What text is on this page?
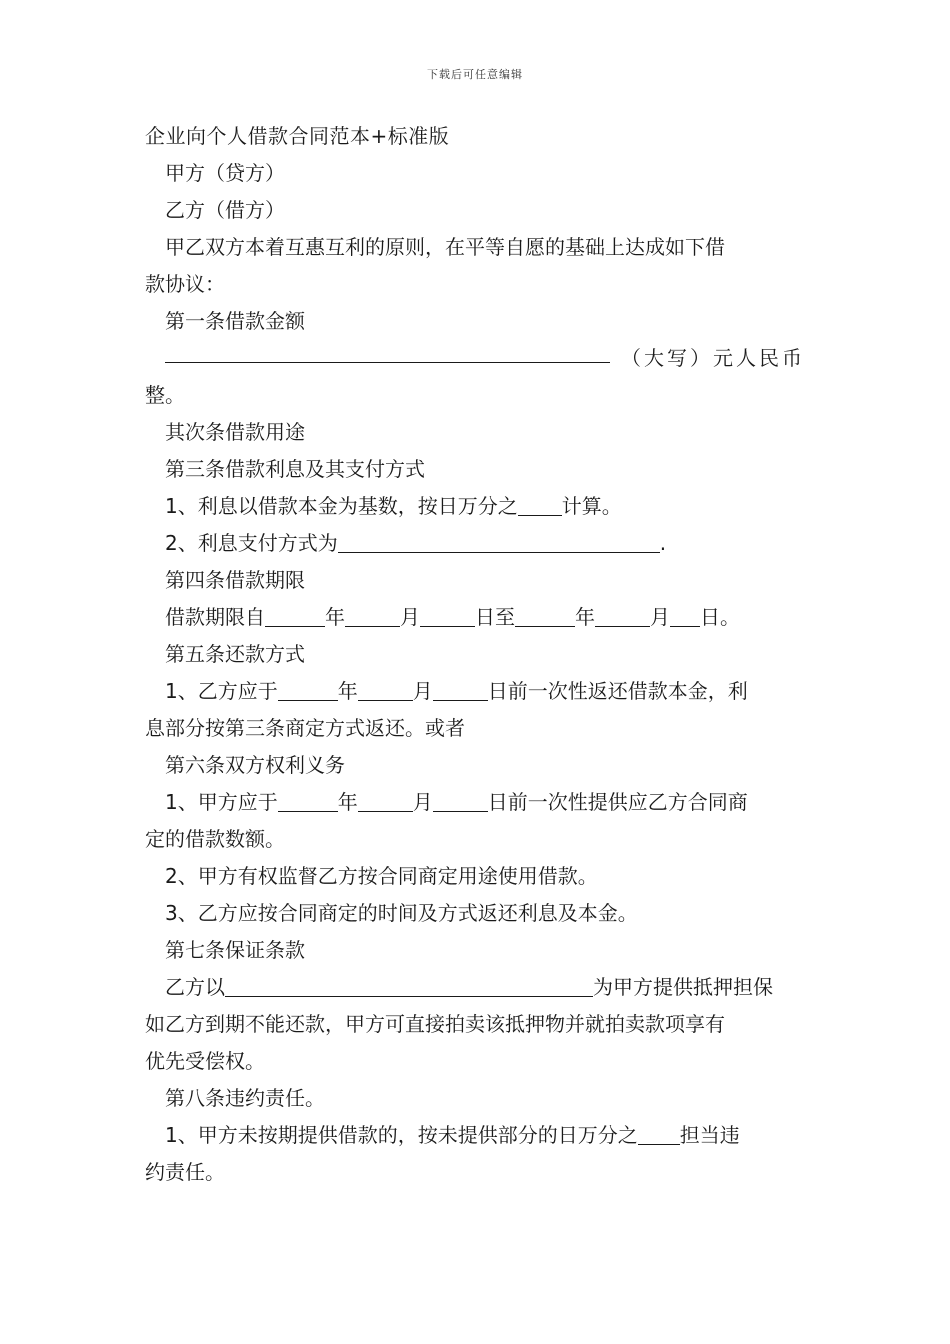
下载后可任意编辑
企业向个人借款合同范本+标准版
甲方（贷方）
乙方（借方）
甲乙双方本着互惠互利的原则，在平等自愿的基础上达成如下借
款协议：
第一条借款金额
（大写）元人民币
整。
其次条借款用途
第三条借款利息及其支付方式
1、利息以借款本金为基数，按日万分之 计算。
2、利息支付方式为	.
第四条借款期限
借款期限自	年	月	日至	年	月 日。
第五条还款方式
1、乙方应于	年	月	日前一次性返还借款本金，利
息部分按第三条商定方式返还。或者
第六条双方权利义务
1、甲方应于	年	月	日前一次性提供应乙方合同商
定的借款数额。
2、甲方有权监督乙方按合同商定用途使用借款。
3、乙方应按合同商定的时间及方式返还利息及本金。
第七条保证条款
乙方以	为甲方提供抵押担保
如乙方到期不能还款，甲方可直接拍卖该抵押物并就拍卖款项享有
优先受偿权。
第八条违约责任。
1、甲方未按期提供借款的，按未提供部分的日万分之 担当违
约责任。
